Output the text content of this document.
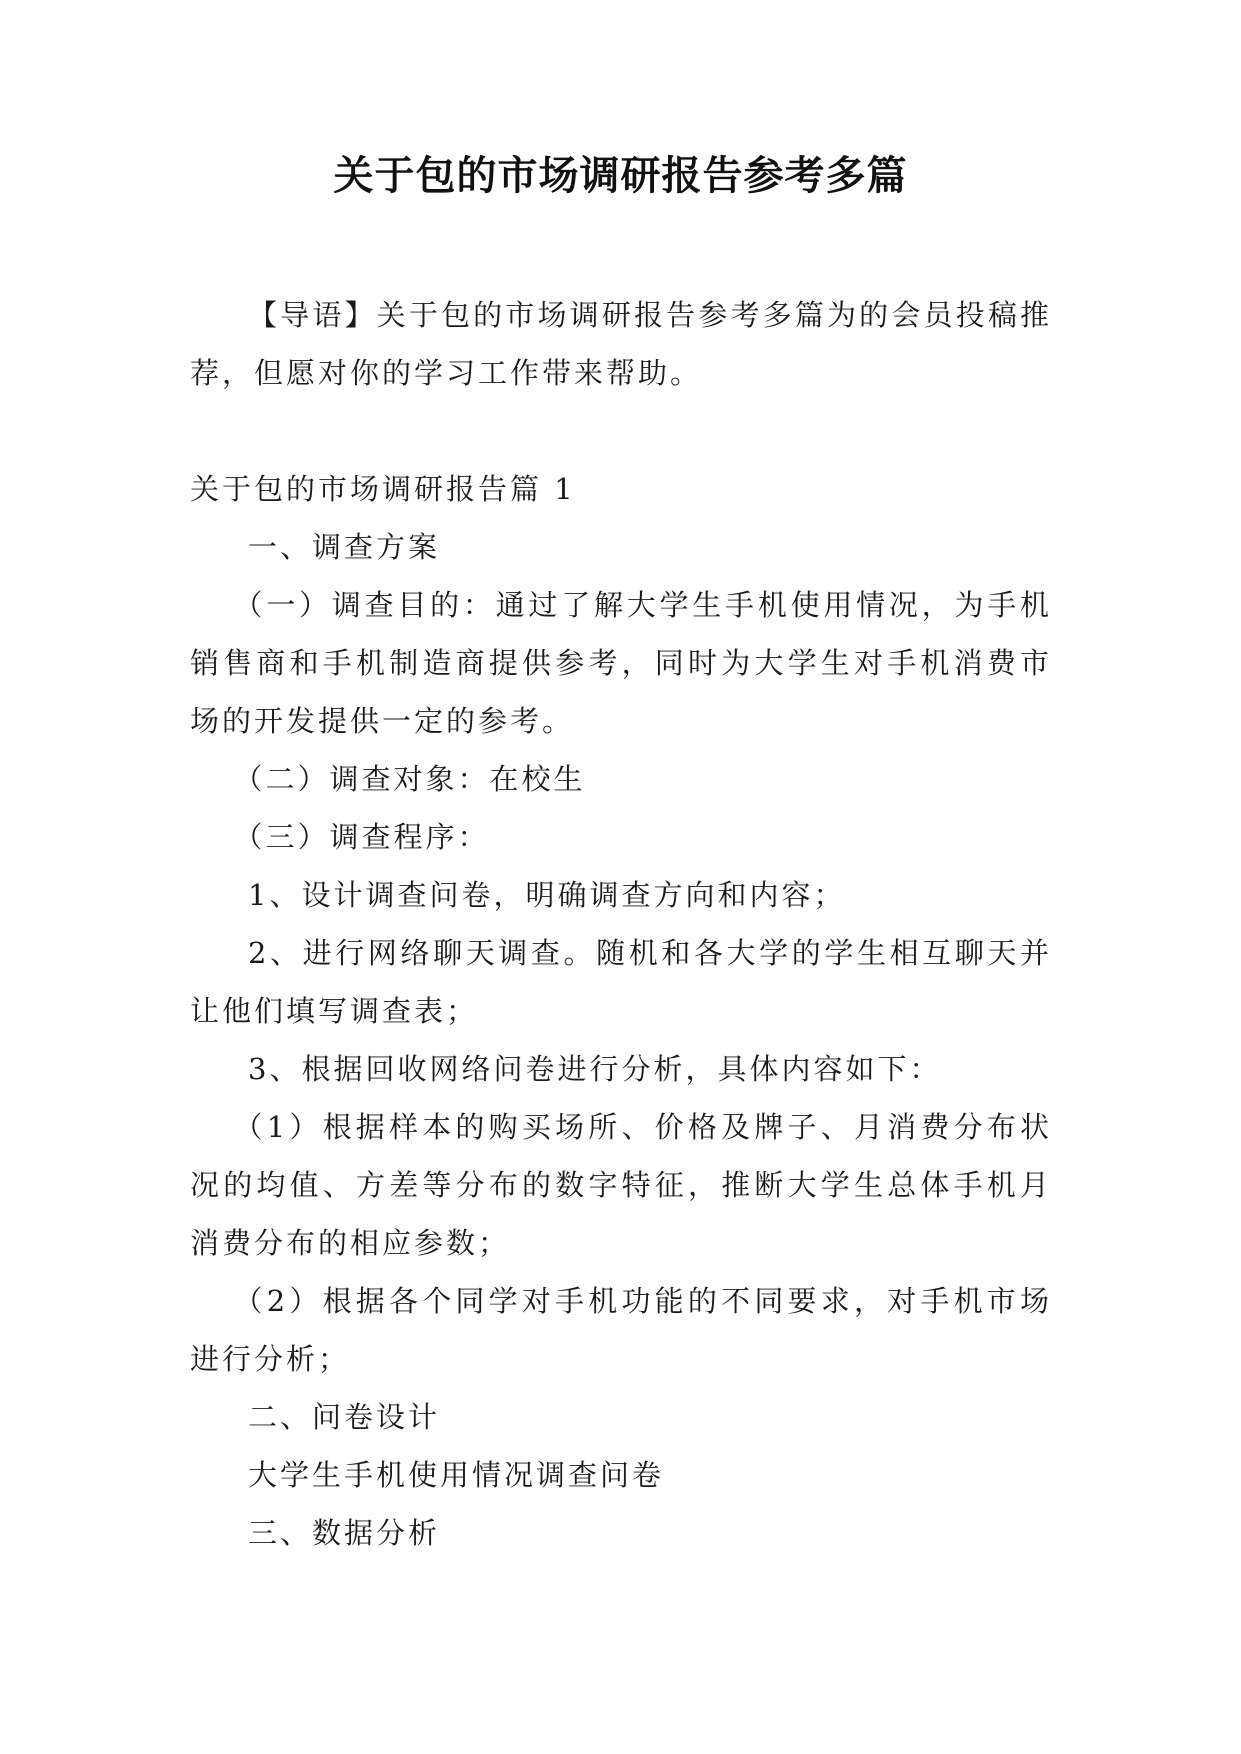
关于包的市场调研报告参考多篇

【导语】关于包的市场调研报告参考多篇为的会员投稿推荐，但愿对你的学习工作带来帮助。

关于包的市场调研报告篇 1

一、调查方案

（一）调查目的：通过了解大学生手机使用情况，为手机销售商和手机制造商提供参考，同时为大学生对手机消费市场的开发提供一定的参考。

（二）调查对象：在校生

（三）调查程序：

1、设计调查问卷，明确调查方向和内容；

2、进行网络聊天调查。随机和各大学的学生相互聊天并让他们填写调查表；

3、根据回收网络问卷进行分析，具体内容如下：

（1）根据样本的购买场所、价格及牌子、月消费分布状况的均值、方差等分布的数字特征，推断大学生总体手机月消费分布的相应参数；

（2）根据各个同学对手机功能的不同要求，对手机市场进行分析；

二、问卷设计

大学生手机使用情况调查问卷

三、数据分析
